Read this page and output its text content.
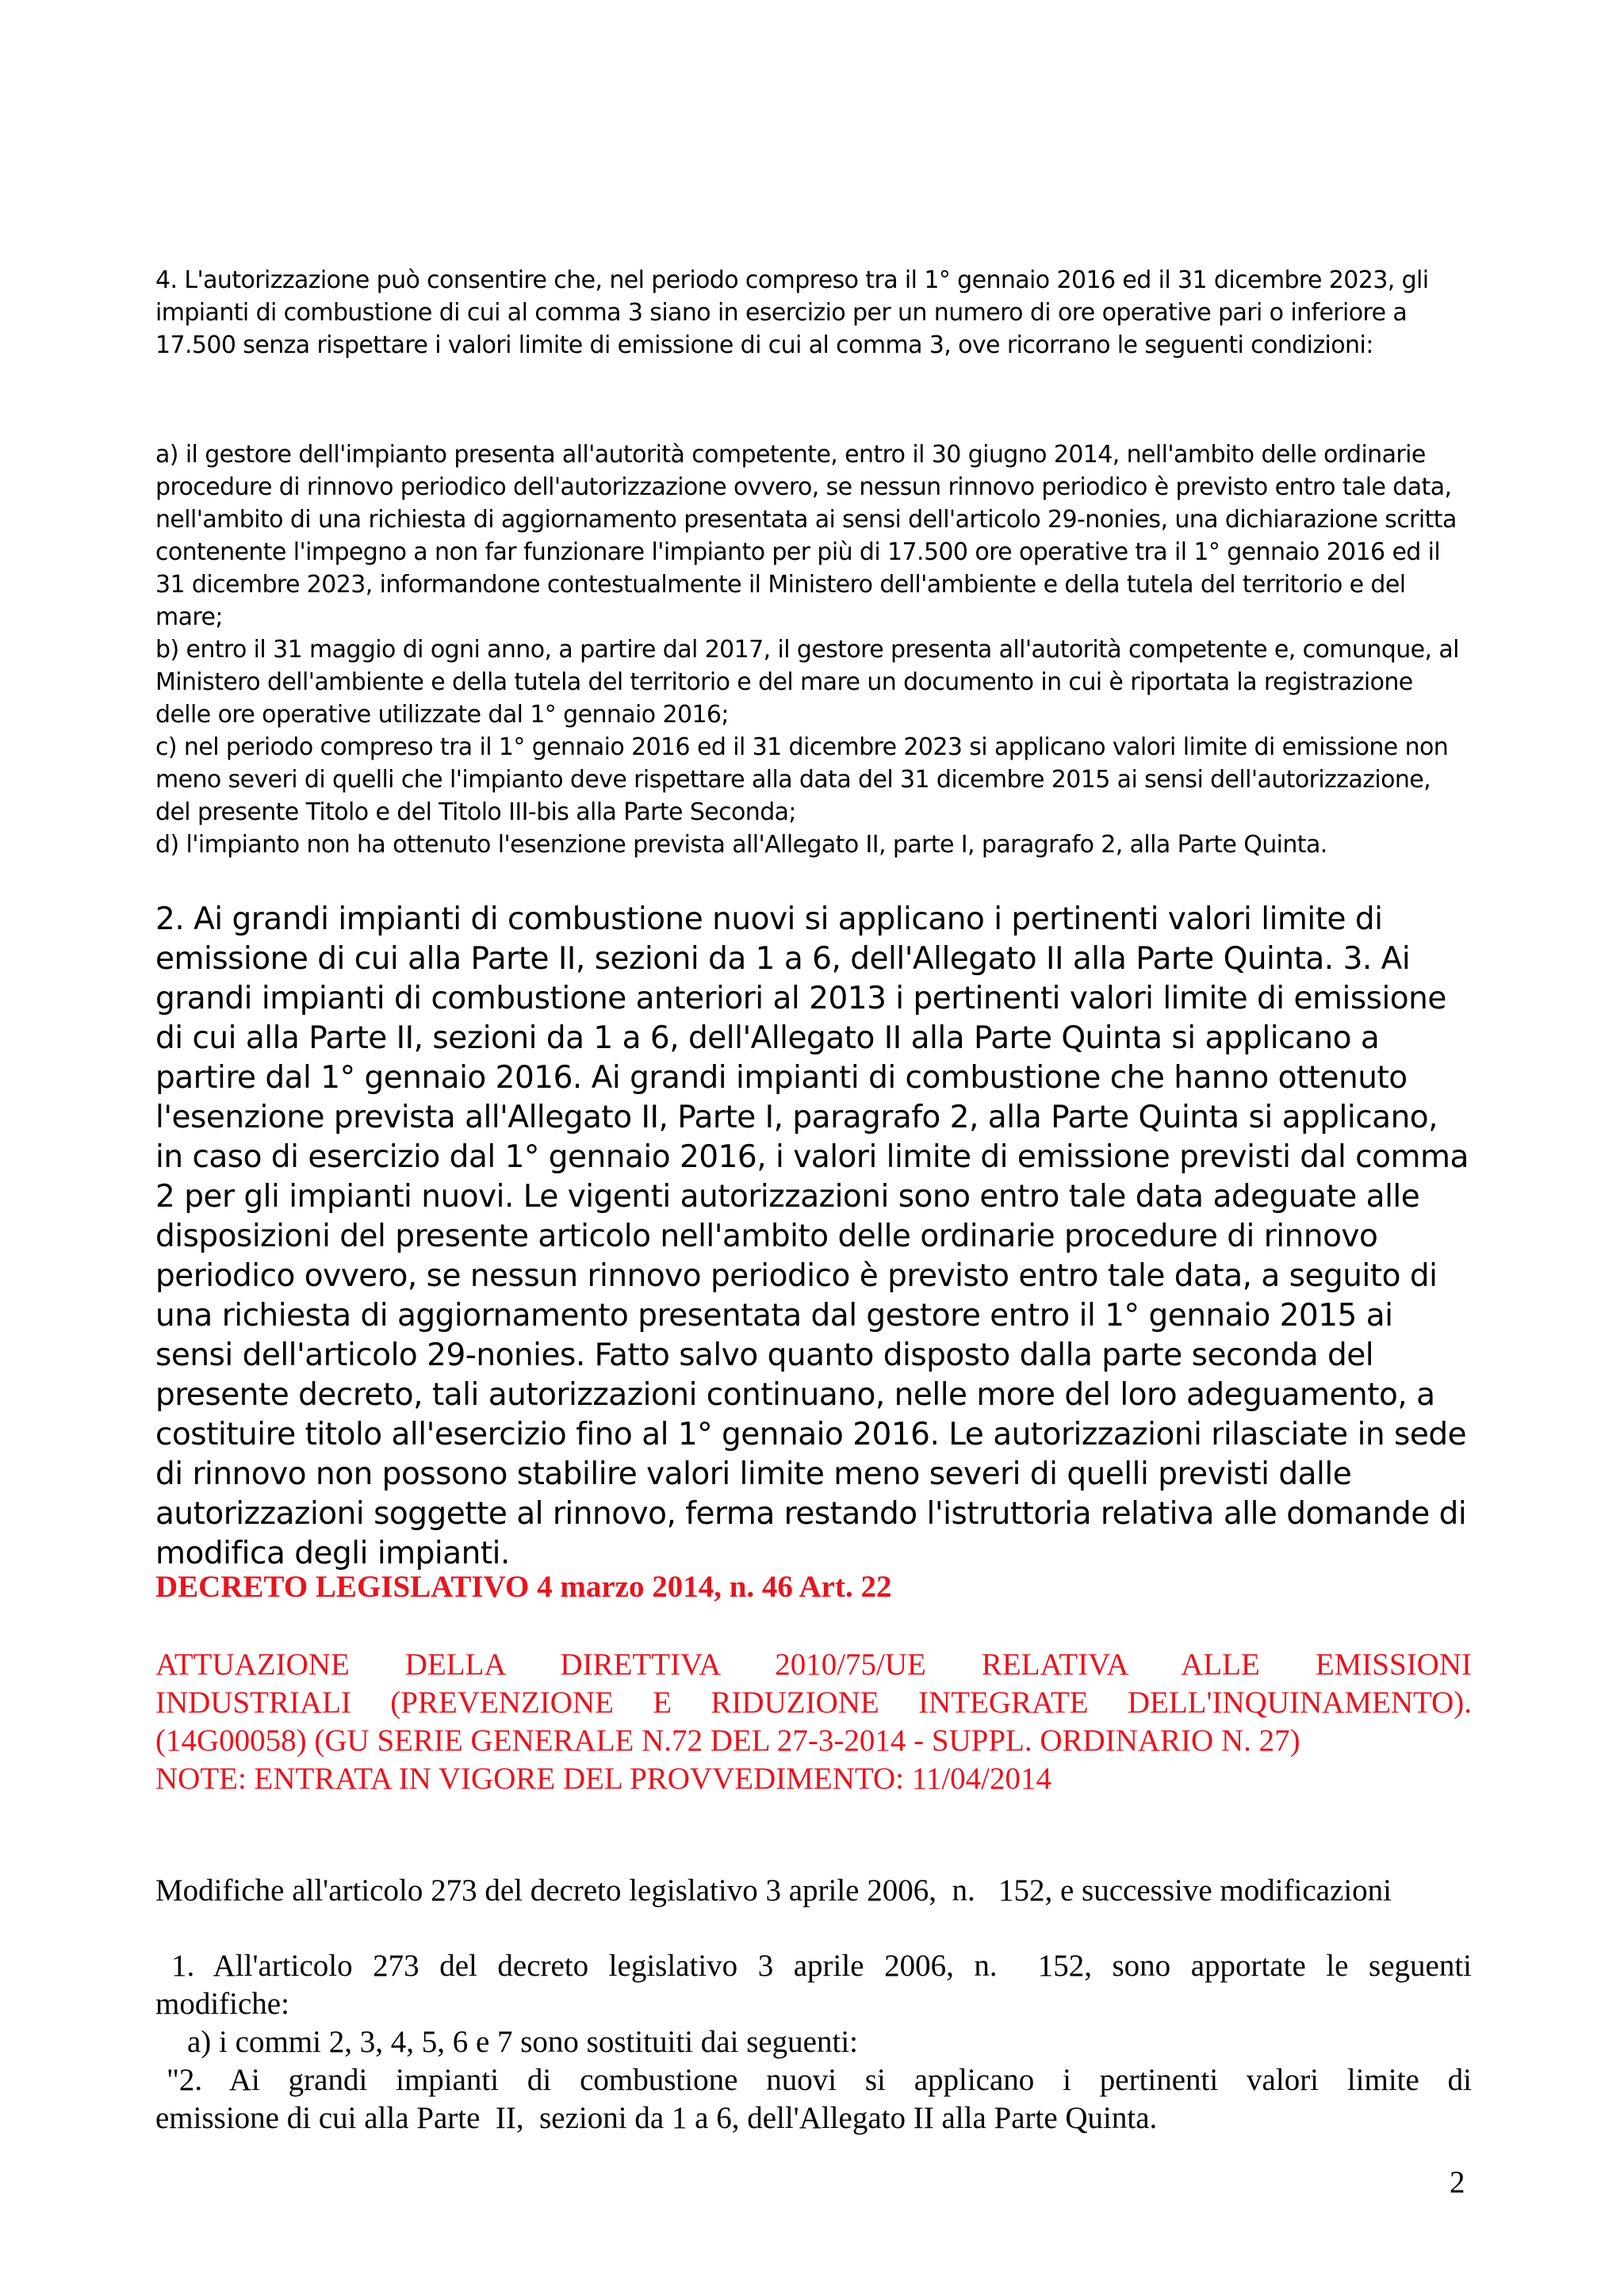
4. L'autorizzazione può consentire che, nel periodo compreso tra il 1° gennaio 2016 ed il 31 dicembre 2023, gli impianti di combustione di cui al comma 3 siano in esercizio per un numero di ore operative pari o inferiore a 17.500 senza rispettare i valori limite di emissione di cui al comma 3, ove ricorrano le seguenti condizioni:

a) il gestore dell'impianto presenta all'autorità competente, entro il 30 giugno 2014, nell'ambito delle ordinarie procedure di rinnovo periodico dell'autorizzazione ovvero, se nessun rinnovo periodico è previsto entro tale data, nell'ambito di una richiesta di aggiornamento presentata ai sensi dell'articolo 29-nonies, una dichiarazione scritta contenente l'impegno a non far funzionare l'impianto per più di 17.500 ore operative tra il 1° gennaio 2016 ed il 31 dicembre 2023, informandone contestualmente il Ministero dell'ambiente e della tutela del territorio e del mare;

b) entro il 31 maggio di ogni anno, a partire dal 2017, il gestore presenta all'autorità competente e, comunque, al Ministero dell'ambiente e della tutela del territorio e del mare un documento in cui è riportata la registrazione delle ore operative utilizzate dal 1° gennaio 2016;

c) nel periodo compreso tra il 1° gennaio 2016 ed il 31 dicembre 2023 si applicano valori limite di emissione non meno severi di quelli che l'impianto deve rispettare alla data del 31 dicembre 2015 ai sensi dell'autorizzazione, del presente Titolo e del Titolo III-bis alla Parte Seconda;

d) l'impianto non ha ottenuto l'esenzione prevista all'Allegato II, parte I, paragrafo 2, alla Parte Quinta.

2. Ai grandi impianti di combustione nuovi si applicano i pertinenti valori limite di emissione di cui alla Parte II, sezioni da 1 a 6, dell'Allegato II alla Parte Quinta. 3. Ai grandi impianti di combustione anteriori al 2013 i pertinenti valori limite di emissione di cui alla Parte II, sezioni da 1 a 6, dell'Allegato II alla Parte Quinta si applicano a partire dal 1° gennaio 2016. Ai grandi impianti di combustione che hanno ottenuto l'esenzione prevista all'Allegato II, Parte I, paragrafo 2, alla Parte Quinta si applicano, in caso di esercizio dal 1° gennaio 2016, i valori limite di emissione previsti dal comma 2 per gli impianti nuovi. Le vigenti autorizzazioni sono entro tale data adeguate alle disposizioni del presente articolo nell'ambito delle ordinarie procedure di rinnovo periodico ovvero, se nessun rinnovo periodico è previsto entro tale data, a seguito di una richiesta di aggiornamento presentata dal gestore entro il 1° gennaio 2015 ai sensi dell'articolo 29-nonies. Fatto salvo quanto disposto dalla parte seconda del presente decreto, tali autorizzazioni continuano, nelle more del loro adeguamento, a costituire titolo all'esercizio fino al 1° gennaio 2016. Le autorizzazioni rilasciate in sede di rinnovo non possono stabilire valori limite meno severi di quelli previsti dalle autorizzazioni soggette al rinnovo, ferma restando l'istruttoria relativa alle domande di modifica degli impianti.

DECRETO LEGISLATIVO 4 marzo 2014, n. 46 Art. 22

ATTUAZIONE DELLA DIRETTIVA 2010/75/UE RELATIVA ALLE EMISSIONI
INDUSTRIALI (PREVENZIONE E RIDUZIONE INTEGRATE DELL'INQUINAMENTO).
(14G00058) (GU SERIE GENERALE N.72 DEL 27-3-2014 - SUPPL. ORDINARIO N. 27)
NOTE: ENTRATA IN VIGORE DEL PROVVEDIMENTO: 11/04/2014

Modifiche all'articolo 273 del decreto legislativo 3 aprile 2006,  n.   152, e successive modificazioni

1. All'articolo 273 del decreto legislativo 3 aprile 2006, n.  152, sono apportate le seguenti
modifiche:
a) i commi 2, 3, 4, 5, 6 e 7 sono sostituiti dai seguenti:
"2. Ai grandi impianti di combustione nuovi si applicano i pertinenti valori limite di
emissione di cui alla Parte  II,  sezioni da 1 a 6, dell'Allegato II alla Parte Quinta.

2
